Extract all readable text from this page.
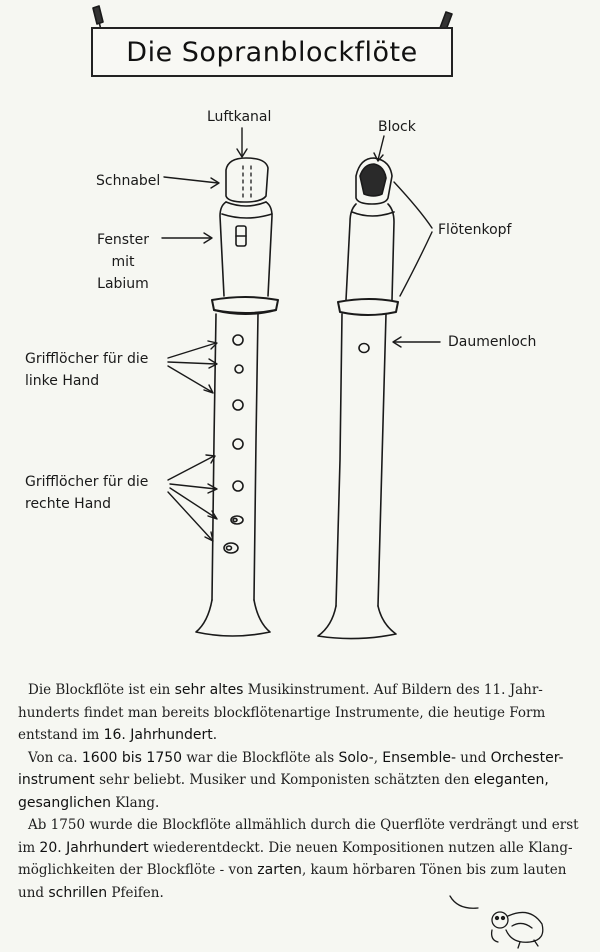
Die Sopranblockflöte
Luftkanal
Schnabel
Fenster
mit
Labium
Grifflöcher für die
linke Hand
Grifflöcher für die
rechte Hand
Block
Flötenkopf
Daumenloch

Die Blockflöte ist ein sehr altes Musikinstrument. Auf Bildern des 11. Jahr-hunderts findet man bereits blockflötenartige Instrumente, die heutige Form entstand im 16. Jahrhundert.

Von ca. 1600 bis 1750 war die Blockflöte als Solo-, Ensemble- und Orchester-instrument sehr beliebt. Musiker und Komponisten schätzten den eleganten, gesanglichen Klang.

Ab 1750 wurde die Blockflöte allmählich durch die Querflöte verdrängt und erst im 20. Jahrhundert wiederentdeckt. Die neuen Kompositionen nutzen alle Klang-möglichkeiten der Blockflöte - von zarten, kaum hörbaren Tönen bis zum lauten und schrillen Pfeifen.
